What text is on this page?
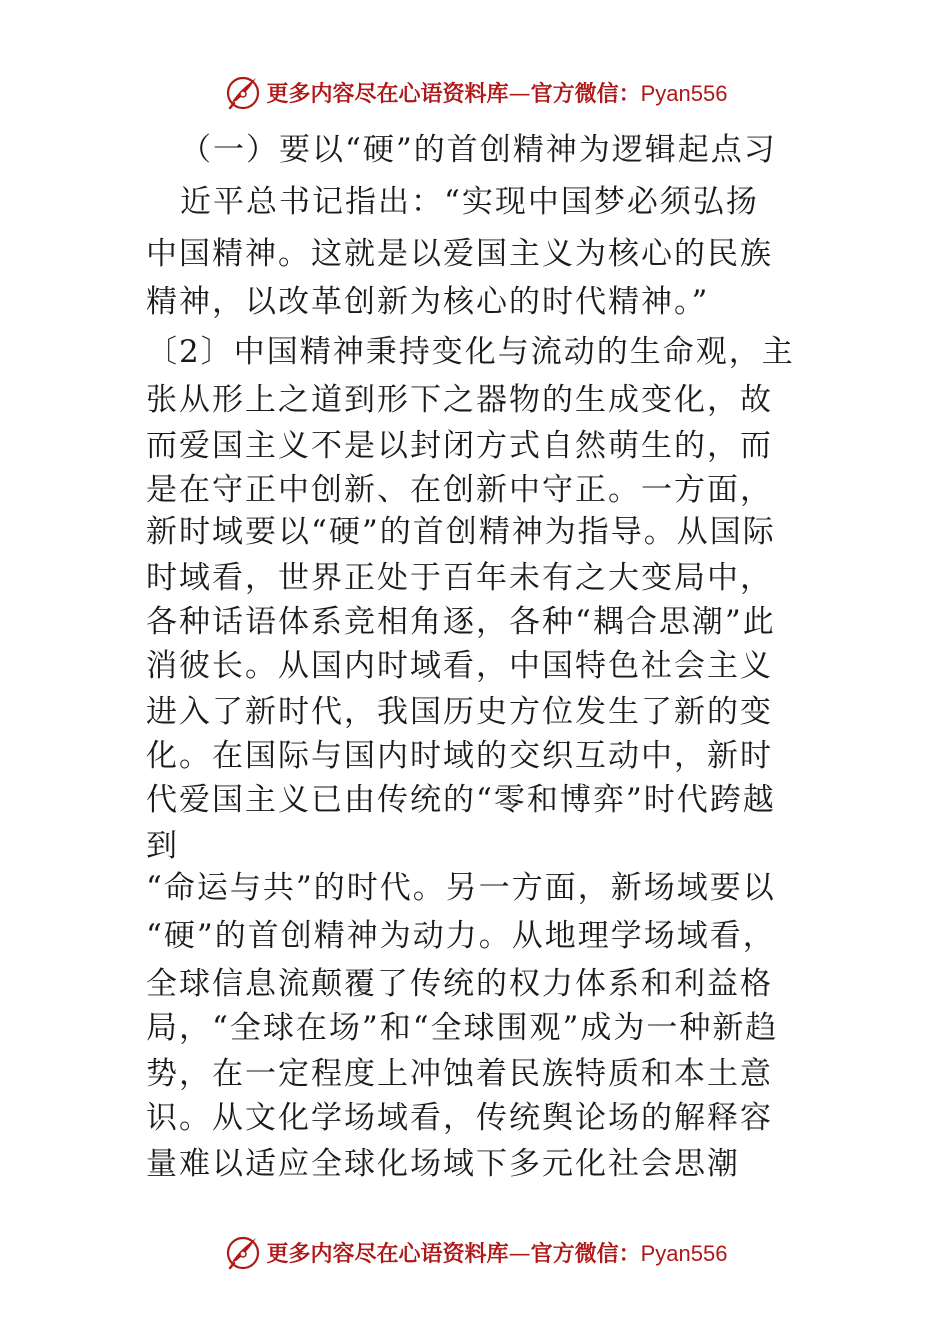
更多内容尽在心语资料库—官方微信：Pyan556
（一）要以“硬”的首创精神为逻辑起点习
近平总书记指出：“实现中国梦必须弘扬
中国精神。这就是以爱国主义为核心的民族
精神，以改革创新为核心的时代精神。”
〔2〕中国精神秉持变化与流动的生命观，主
张从形上之道到形下之器物的生成变化，故
而爱国主义不是以封闭方式自然萌生的，而
是在守正中创新、在创新中守正。一方面，
新时域要以“硬”的首创精神为指导。从国际
时域看，世界正处于百年未有之大变局中，
各种话语体系竞相角逐，各种“耦合思潮”此
消彼长。从国内时域看，中国特色社会主义
进入了新时代，我国历史方位发生了新的变
化。在国际与国内时域的交织互动中，新时
代爱国主义已由传统的“零和博弈”时代跨越
到
“命运与共”的时代。另一方面，新场域要以
“硬”的首创精神为动力。从地理学场域看，
全球信息流颠覆了传统的权力体系和利益格
局，“全球在场”和“全球围观”成为一种新趋
势，在一定程度上冲蚀着民族特质和本土意
识。从文化学场域看，传统舆论场的解释容
量难以适应全球化场域下多元化社会思潮
更多内容尽在心语资料库—官方微信：Pyan556
